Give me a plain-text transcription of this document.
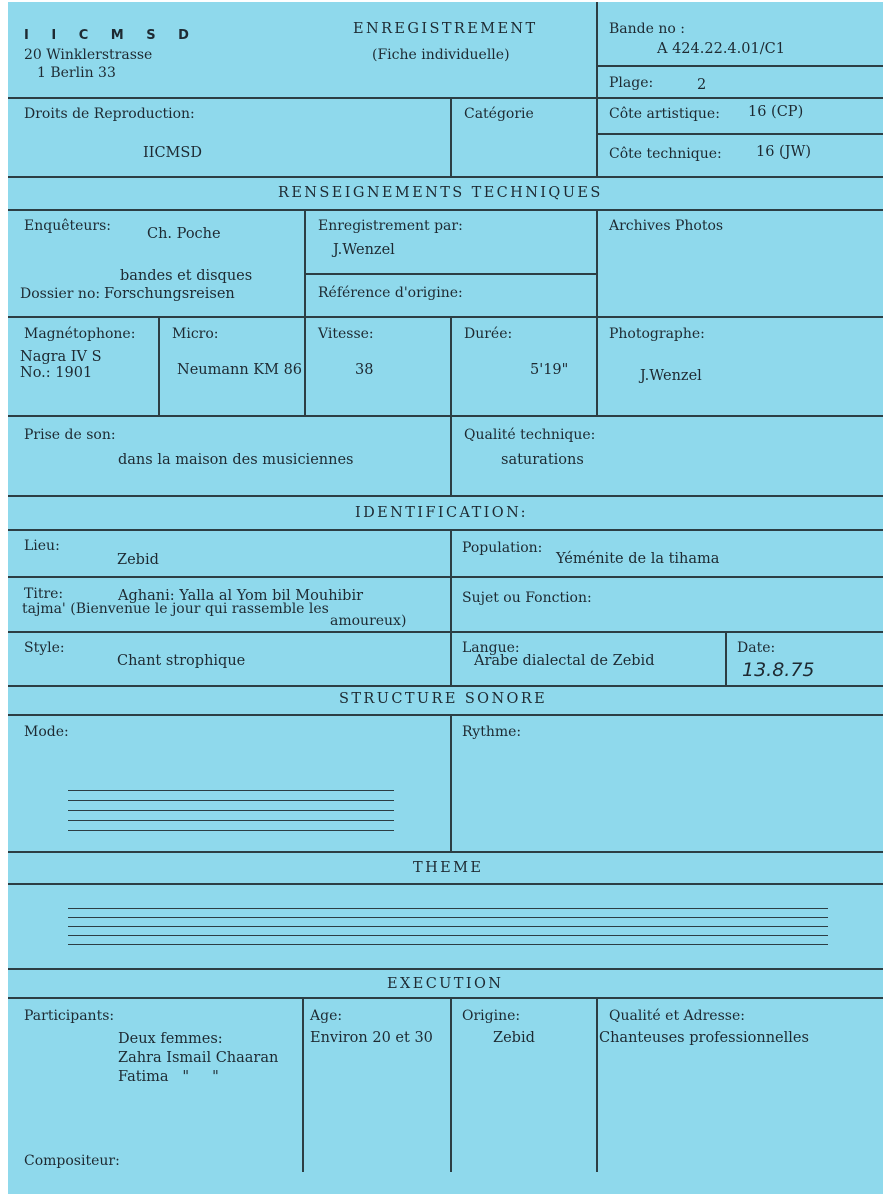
I I C M S D
20 Winklerstrasse
1 Berlin 33
ENREGISTREMENT
(Fiche individuelle)
Bande no :
A 424.22.4.01/C1
Plage:	2
Droits de Reproduction:
IICMSD
Catégorie	Côte artistique: 16 (CP)
Côte technique: 16 (JW)
RENSEIGNEMENTS TECHNIQUES
Enquêteurs: Ch. Poche
bandes et disques
Dossier no: Forschungsreisen
Enregistrement par:
J.Wenzel
Référence d'origine:
Archives Photos
Magnétophone:
Nagra IV S
No.: 1901
Micro:
Neumann KM 86
Vitesse:
38
Durée:
5'19"
Photographe:
J.Wenzel
Prise de son:
dans la maison des musiciennes
Qualité technique:
saturations
IDENTIFICATION:
Lieu:
Zebid
Population:
Yéménite de la tihama
Titre:	Aghani: Yalla al Yom bil Mouhibir
tajma' (Bienvenue le jour qui rassemble les
amoureux)
Sujet ou Fonction:
Style:
Chant strophique
Langue:
Arabe dialectal de Zebid
Date:
13.8.75
STRUCTURE SONORE
Mode:	Rythme:
THEME
EXECUTION
Participants:
Deux femmes:
Zahra Ismail Chaaran
Fatima   "     "
Age:
Environ 20 et 30
Origine:
Zebid
Qualité et Adresse:
Chanteuses professionnelles
Compositeur:
